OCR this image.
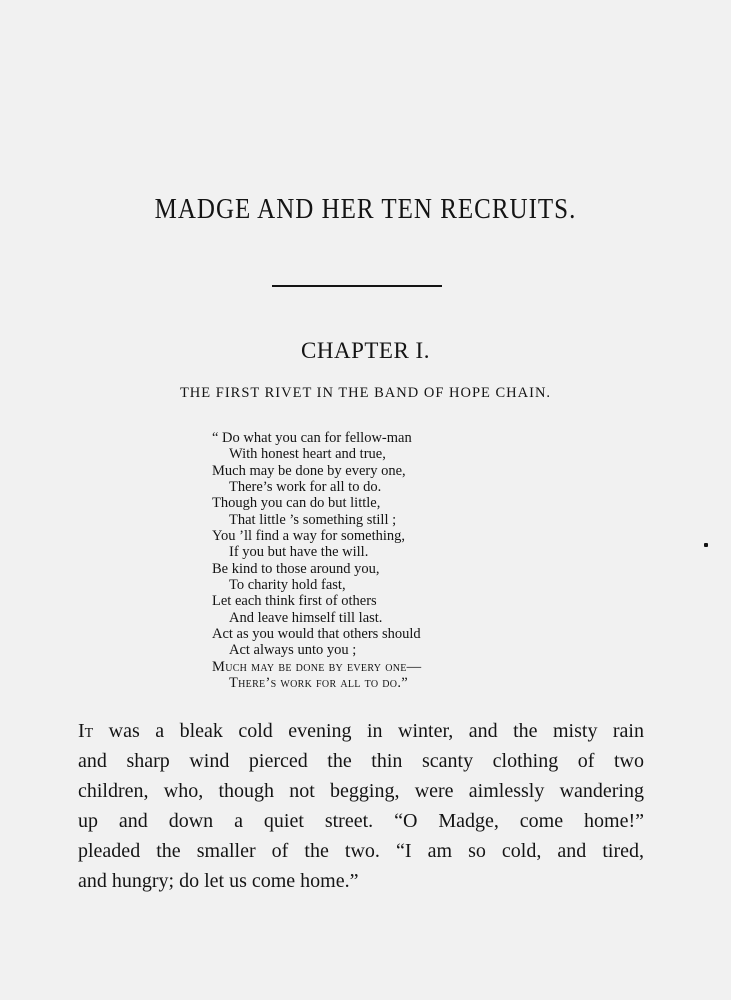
MADGE AND HER TEN RECRUITS.
CHAPTER I.
THE FIRST RIVET IN THE BAND OF HOPE CHAIN.
“ Do what you can for fellow-man
With honest heart and true,
Much may be done by every one,
There’s work for all to do.
Though you can do but little,
That little ’s something still ;
You ’ll find a way for something,
If you but have the will.
Be kind to those around you,
To charity hold fast,
Let each think first of others
And leave himself till last.
Act as you would that others should
Act always unto you ;
Much may be done by every one—
There’s work for all to do.”
It was a bleak cold evening in winter, and the misty rain
and sharp wind pierced the thin scanty clothing of two
children, who, though not begging, were aimlessly wandering
up and down a quiet street. “O Madge, come home!”
pleaded the smaller of the two. “I am so cold, and tired,
and hungry; do let us come home.”
